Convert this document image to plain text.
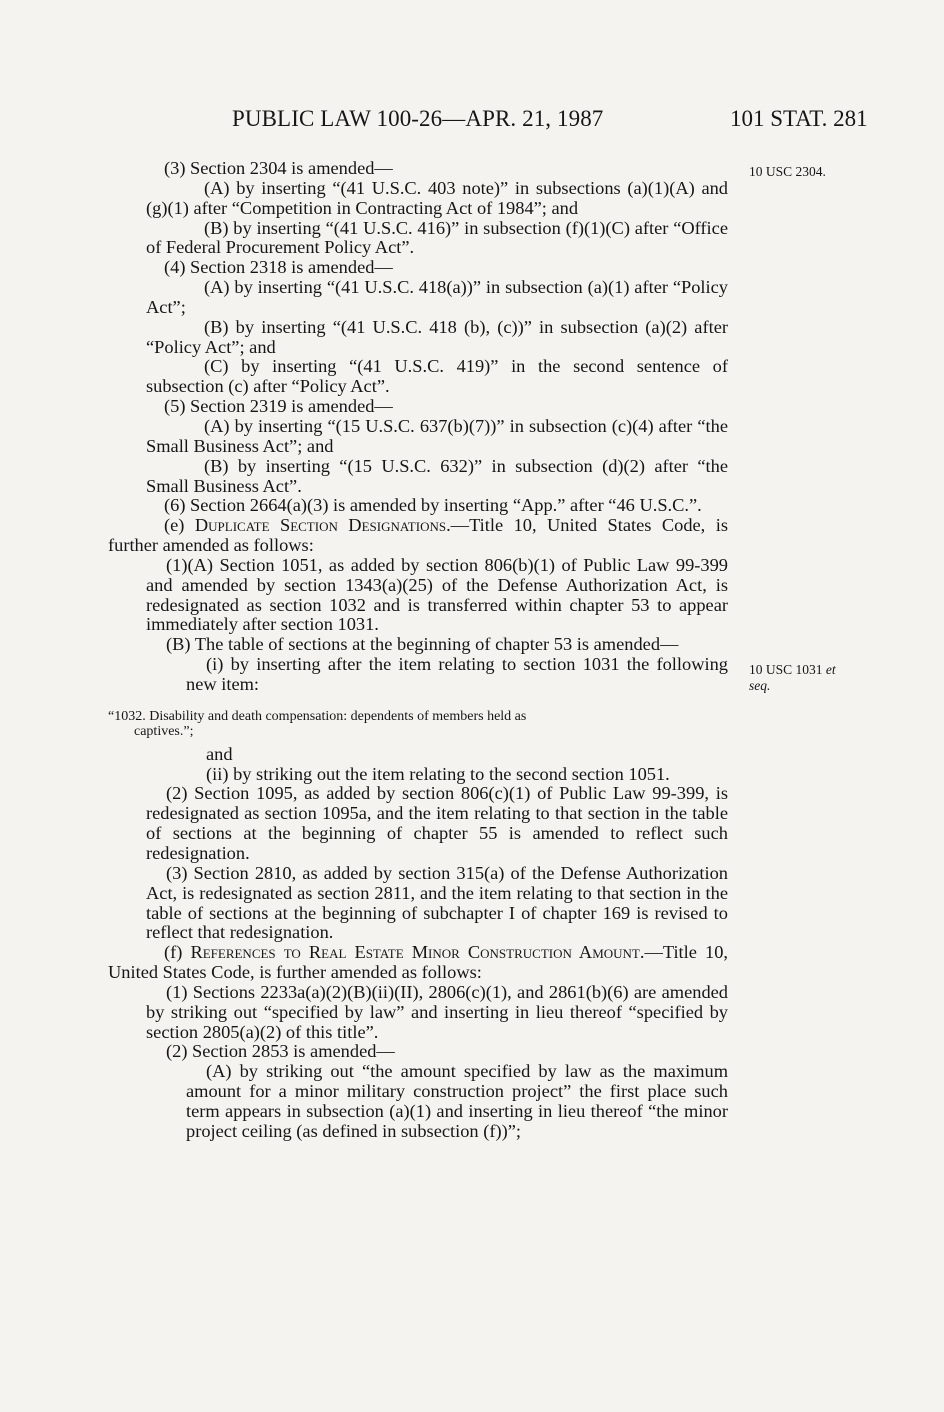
PUBLIC LAW 100-26—APR. 21, 1987	101 STAT. 281
10 USC 2304.
10 USC 1031 et
seq.

(3) Section 2304 is amended—

(A) by inserting “(41 U.S.C. 403 note)” in subsections (a)(1)(A) and (g)(1) after “Competition in Contracting Act of 1984”; and

(B) by inserting “(41 U.S.C. 416)” in subsection (f)(1)(C) after “Office of Federal Procurement Policy Act”.

(4) Section 2318 is amended—

(A) by inserting “(41 U.S.C. 418(a))” in subsection (a)(1) after “Policy Act”;

(B) by inserting “(41 U.S.C. 418 (b), (c))” in subsection (a)(2) after “Policy Act”; and

(C) by inserting “(41 U.S.C. 419)” in the second sentence of subsection (c) after “Policy Act”.

(5) Section 2319 is amended—

(A) by inserting “(15 U.S.C. 637(b)(7))” in subsection (c)(4) after “the Small Business Act”; and

(B) by inserting “(15 U.S.C. 632)” in subsection (d)(2) after “the Small Business Act”.

(6) Section 2664(a)(3) is amended by inserting “App.” after “46 U.S.C.”.

(e) Duplicate Section Designations.—Title 10, United States Code, is further amended as follows:

(1)(A) Section 1051, as added by section 806(b)(1) of Public Law 99-399 and amended by section 1343(a)(25) of the Defense Authorization Act, is redesignated as section 1032 and is transferred within chapter 53 to appear immediately after section 1031.

(B) The table of sections at the beginning of chapter 53 is amended—

(i) by inserting after the item relating to section 1031 the following new item:

“1032. Disability and death compensation: dependents of members held as
captives.”;

and

(ii) by striking out the item relating to the second section 1051.

(2) Section 1095, as added by section 806(c)(1) of Public Law 99-399, is redesignated as section 1095a, and the item relating to that section in the table of sections at the beginning of chapter 55 is amended to reflect such redesignation.

(3) Section 2810, as added by section 315(a) of the Defense Authorization Act, is redesignated as section 2811, and the item relating to that section in the table of sections at the beginning of subchapter I of chapter 169 is revised to reflect that redesignation.

(f) References to Real Estate Minor Construction Amount.—Title 10, United States Code, is further amended as follows:

(1) Sections 2233a(a)(2)(B)(ii)(II), 2806(c)(1), and 2861(b)(6) are amended by striking out “specified by law” and inserting in lieu thereof “specified by section 2805(a)(2) of this title”.

(2) Section 2853 is amended—

(A) by striking out “the amount specified by law as the maximum amount for a minor military construction project” the first place such term appears in subsection (a)(1) and inserting in lieu thereof “the minor project ceiling (as defined in subsection (f))”;
